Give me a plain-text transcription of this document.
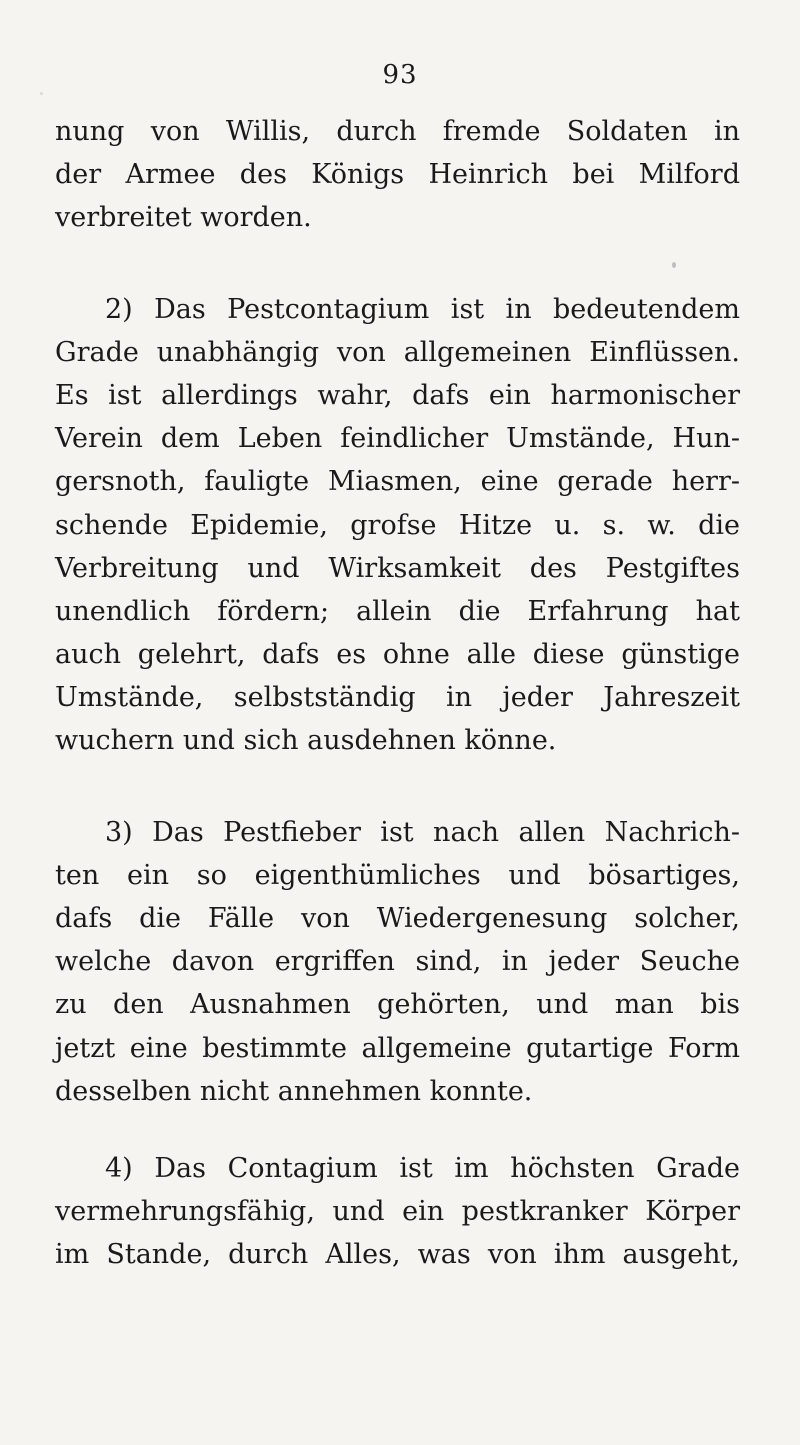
93
nung von Willis, durch fremde Soldaten in
der Armee des Königs Heinrich bei Milford
verbreitet worden.
2) Das Pestcontagium ist in bedeutendem
Grade unabhängig von allgemeinen Einflüssen.
Es ist allerdings wahr, dafs ein harmonischer
Verein dem Leben feindlicher Umstände, Hun-
gersnoth, fauligte Miasmen, eine gerade herr-
schende Epidemie, grofse Hitze u. s. w. die
Verbreitung und Wirksamkeit des Pestgiftes
unendlich fördern; allein die Erfahrung hat
auch gelehrt, dafs es ohne alle diese günstige
Umstände, selbstständig in jeder Jahreszeit
wuchern und sich ausdehnen könne.
3) Das Pestfieber ist nach allen Nachrich-
ten ein so eigenthümliches und bösartiges,
dafs die Fälle von Wiedergenesung solcher,
welche davon ergriffen sind, in jeder Seuche
zu den Ausnahmen gehörten, und man bis
jetzt eine bestimmte allgemeine gutartige Form
desselben nicht annehmen konnte.
4) Das Contagium ist im höchsten Grade
vermehrungsfähig, und ein pestkranker Körper
im Stande, durch Alles, was von ihm ausgeht,
